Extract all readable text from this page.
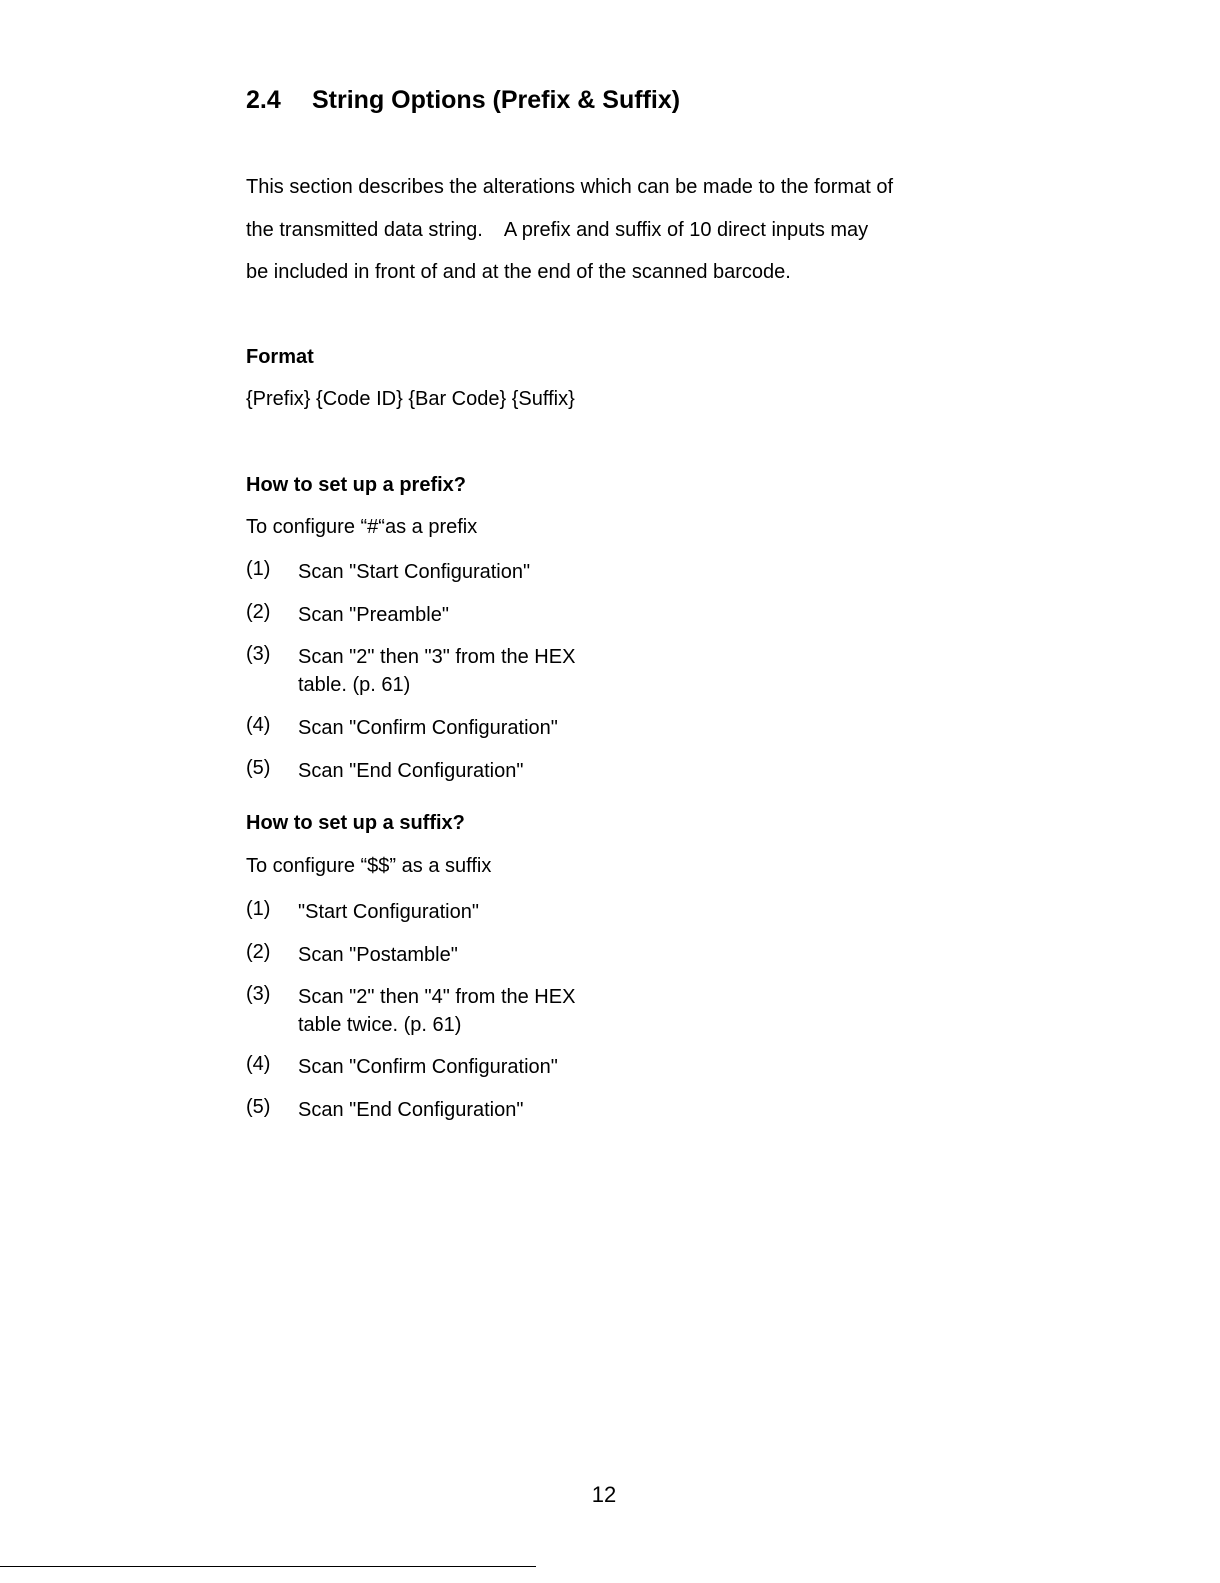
2.4 String Options (Prefix & Suffix)
This section describes the alterations which can be made to the format of
the transmitted data string.    A prefix and suffix of 10 direct inputs may
be included in front of and at the end of the scanned barcode.
Format
{Prefix} {Code ID} {Bar Code} {Suffix}
How to set up a prefix?
To configure “#“as a prefix
(1) Scan "Start Configuration"
(2) Scan "Preamble"
(3) Scan "2" then "3" from the HEX table. (p. 61)
(4) Scan "Confirm Configuration"
(5) Scan "End Configuration"
How to set up a suffix?
To configure “$$” as a suffix
(1) "Start Configuration"
(2) Scan "Postamble"
(3) Scan "2" then "4" from the HEX table twice. (p. 61)
(4) Scan "Confirm Configuration"
(5) Scan "End Configuration"
12
